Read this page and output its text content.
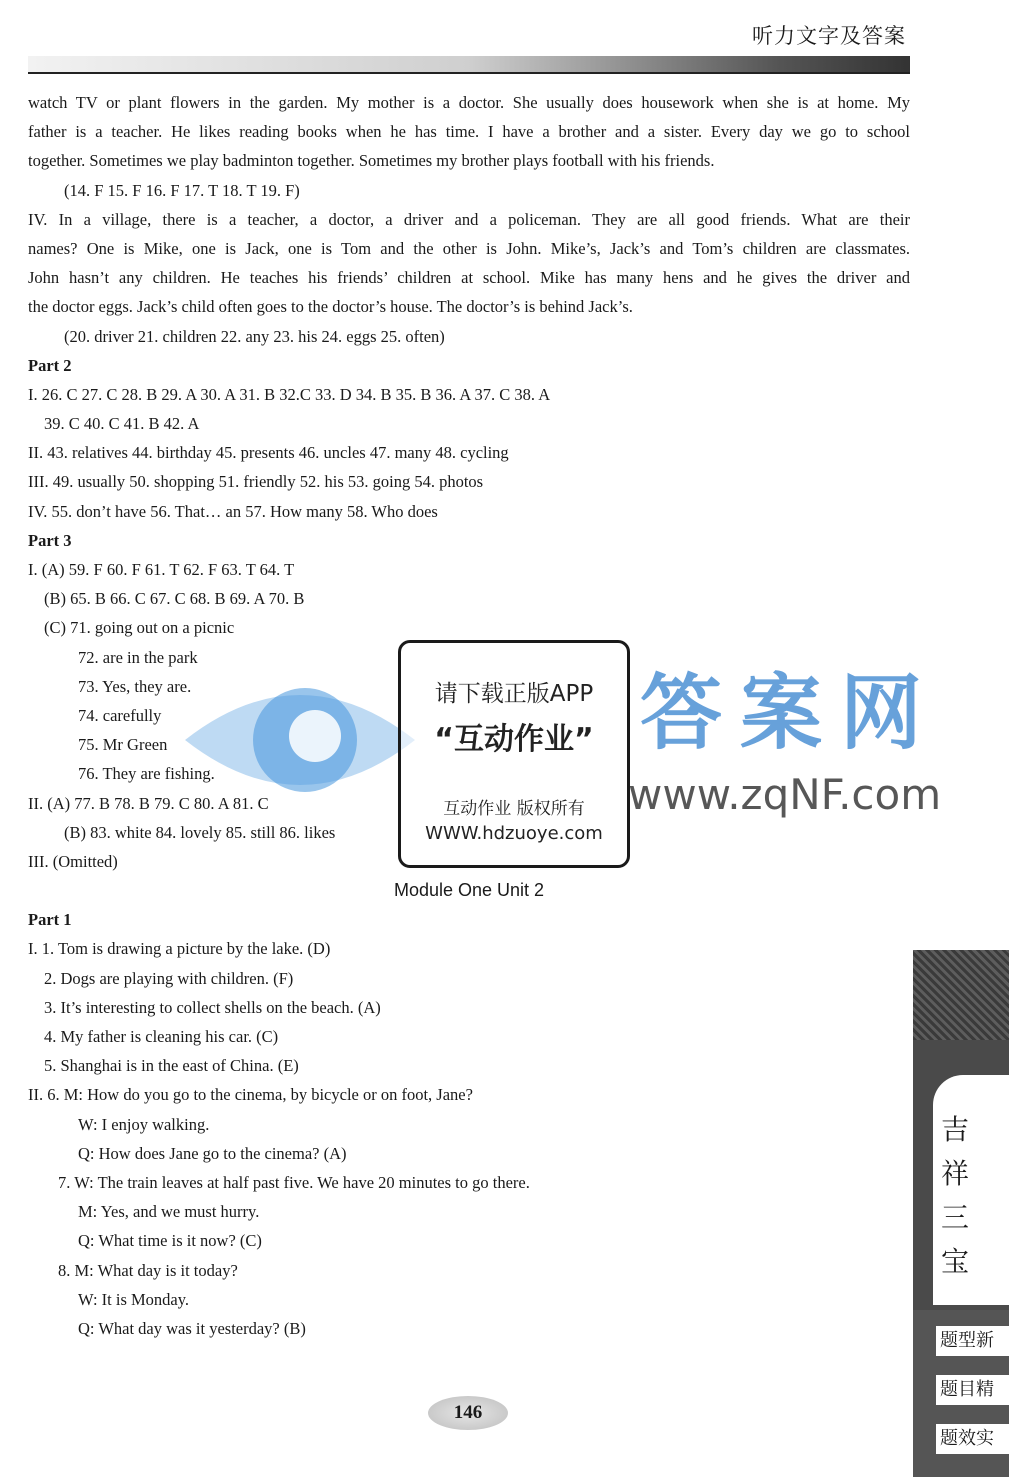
听力文字及答案
watch TV or plant flowers in the garden. My mother is a doctor. She usually does housework when she is at home. My
father is a teacher. He likes reading books when he has time. I have a brother and a sister. Every day we go to school
together. Sometimes we play badminton together. Sometimes my brother plays football with his friends.
(14. F 15. F 16. F 17. T 18. T 19. F)
IV. In a village, there is a teacher, a doctor, a driver and a policeman. They are all good friends. What are their
names? One is Mike, one is Jack, one is Tom and the other is John. Mike’s, Jack’s and Tom’s children are classmates.
John hasn’t any children. He teaches his friends’ children at school. Mike has many hens and he gives the driver and
the doctor eggs. Jack’s child often goes to the doctor’s house. The doctor’s is behind Jack’s.
(20. driver 21. children 22. any 23. his 24. eggs 25. often)
Part 2
I. 26. C 27. C 28. B 29. A 30. A 31. B 32.C 33. D 34. B 35. B 36. A 37. C 38. A
39. C 40. C 41. B 42. A
II. 43. relatives 44. birthday 45. presents 46. uncles 47. many 48. cycling
III. 49. usually 50. shopping 51. friendly 52. his 53. going 54. photos
IV. 55. don’t have 56. That… an 57. How many 58. Who does
Part 3
I. (A) 59. F 60. F 61. T 62. F 63. T 64. T
(B) 65. B 66. C 67. C 68. B 69. A 70. B
(C) 71. going out on a picnic
72. are in the park
73. Yes, they are.
74. carefully
75. Mr Green
76. They are fishing.
II. (A) 77. B 78. B 79. C 80. A 81. C
(B) 83. white 84. lovely 85. still 86. likes
III. (Omitted)
Module One Unit 2
Part 1
I. 1. Tom is drawing a picture by the lake. (D)
2. Dogs are playing with children. (F)
3. It’s interesting to collect shells on the beach. (A)
4. My father is cleaning his car. (C)
5. Shanghai is in the east of China. (E)
II. 6. M: How do you go to the cinema, by bicycle or on foot, Jane?
W: I enjoy walking.
Q: How does Jane go to the cinema? (A)
7. W: The train leaves at half past five. We have 20 minutes to go there.
M: Yes, and we must hurry.
Q: What time is it now? (C)
8. M: What day is it today?
W: It is Monday.
Q: What day was it yesterday? (B)
答案网
请下载正版APP
“互动作业”
互动作业 版权所有
WWW.hdzuoye.com
www.zqNF.com
146
吉
祥
三
宝
题型新
题目精
题效实
